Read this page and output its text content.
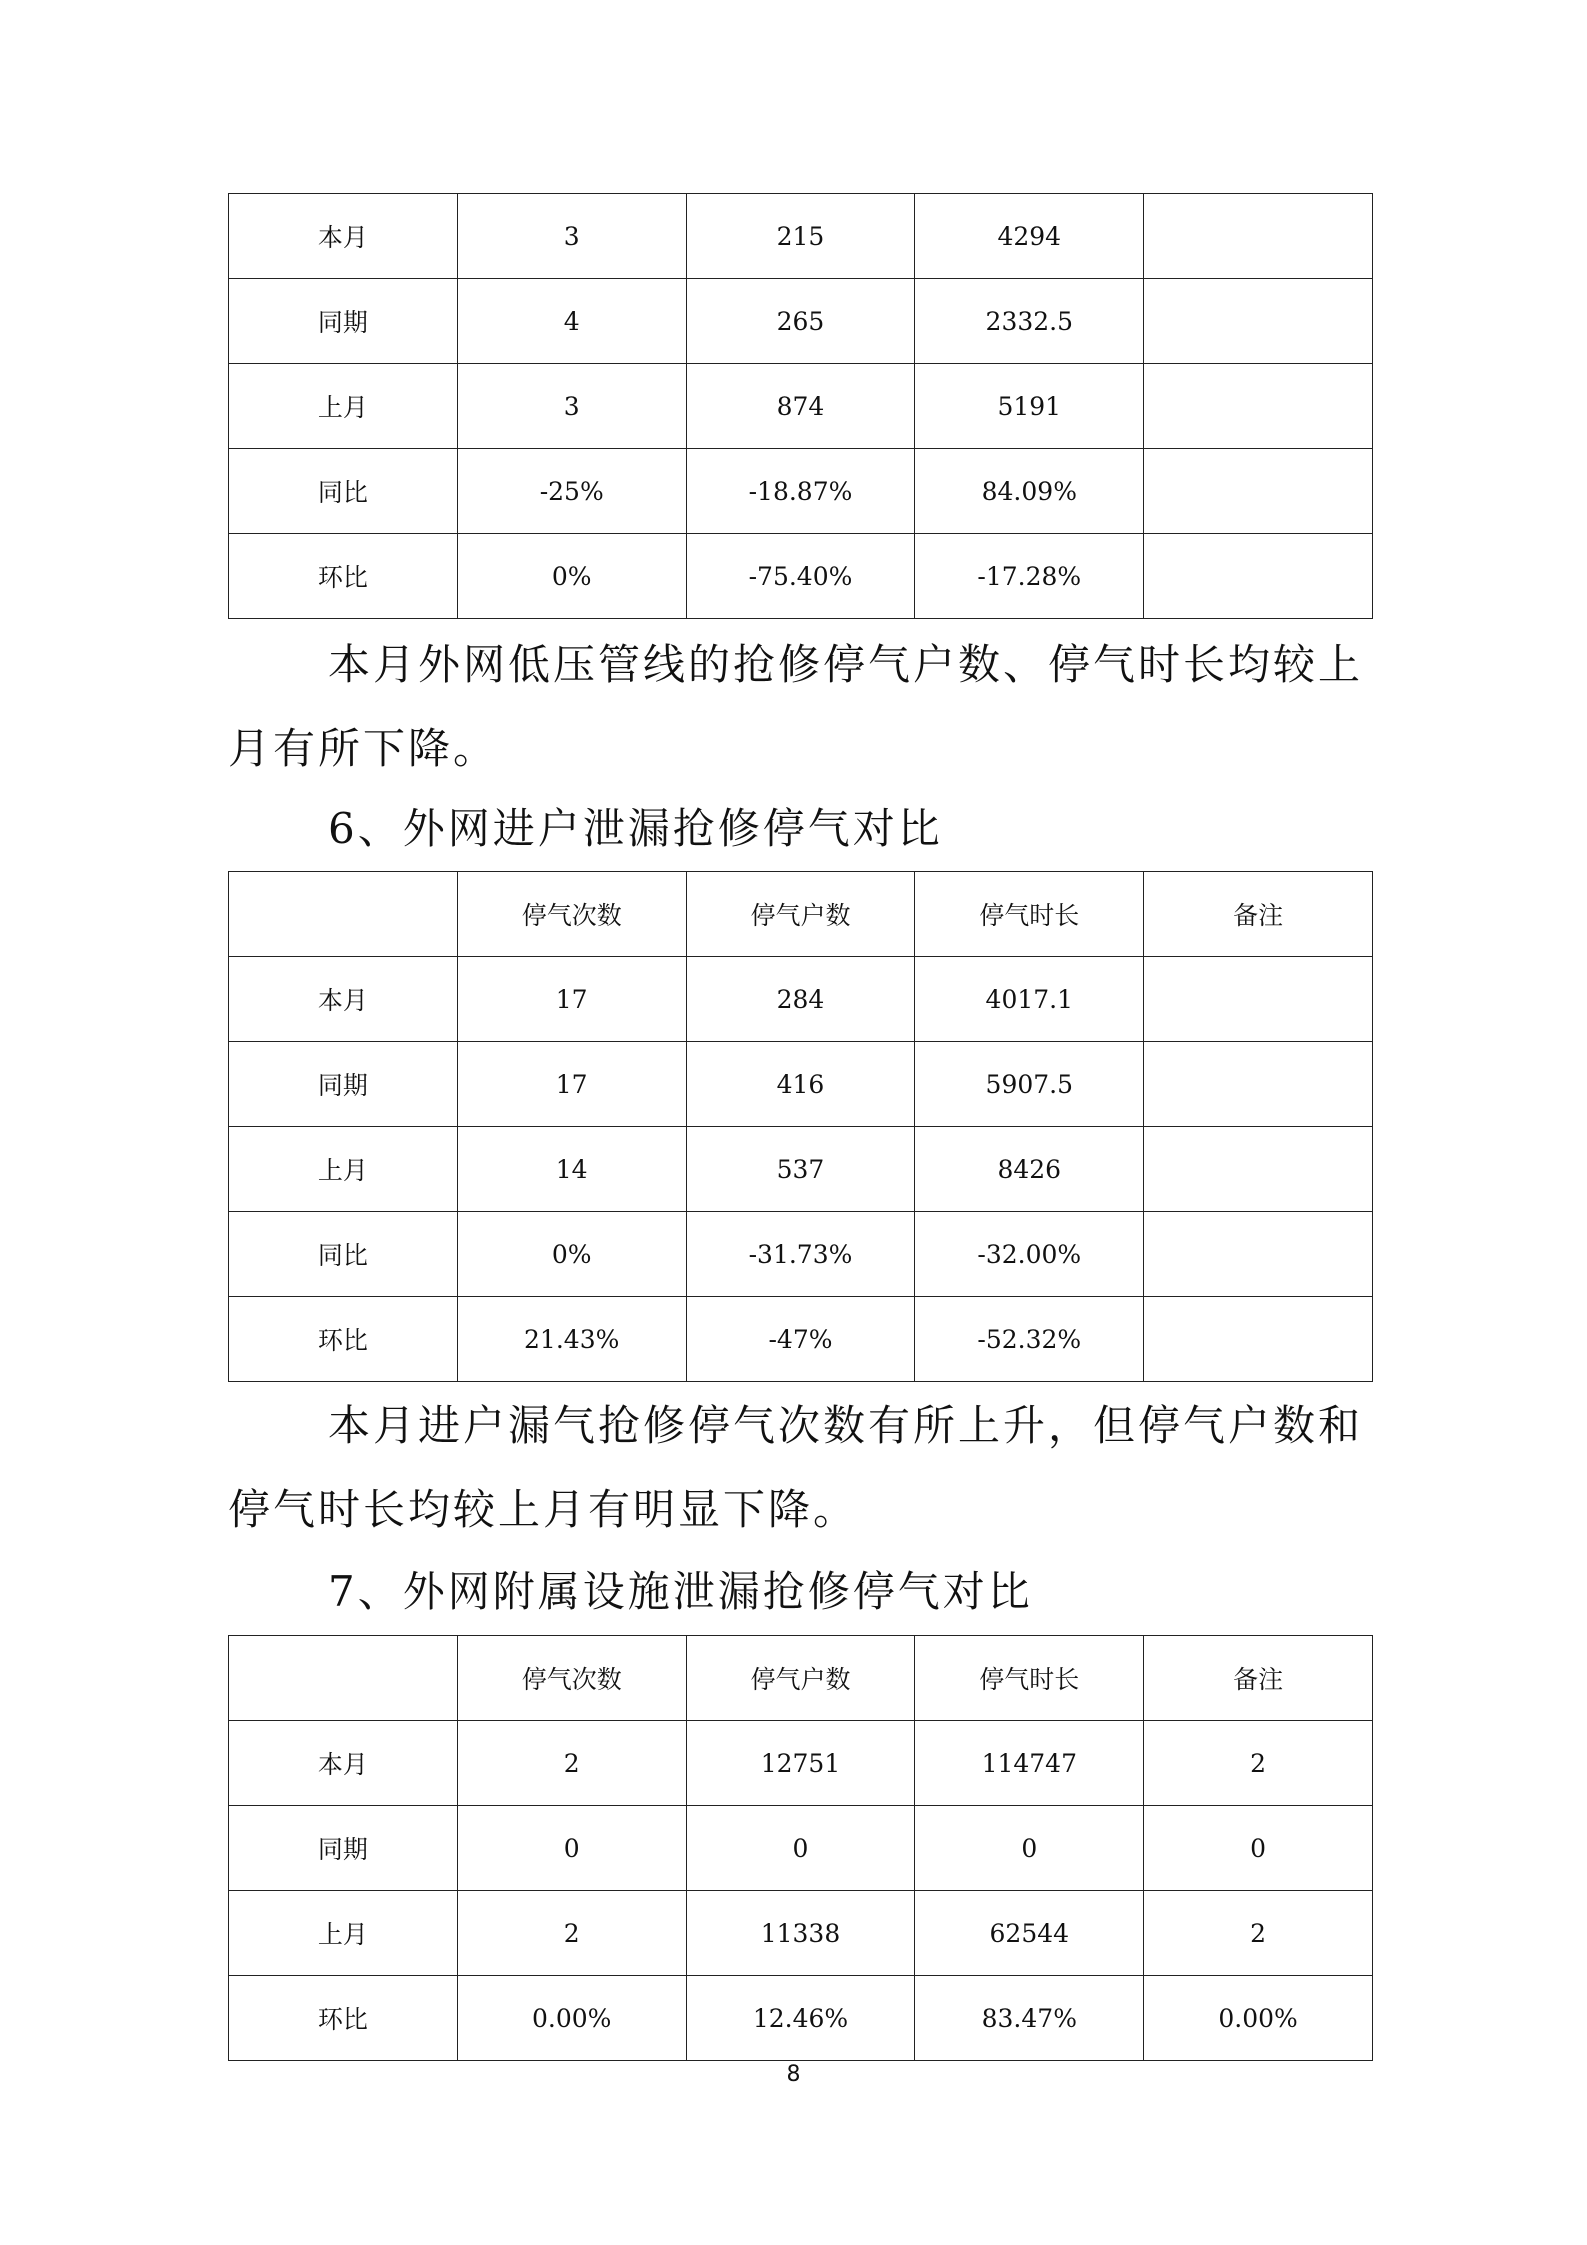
本月	3	215	4294	
同期	4	265	2332.5	
上月	3	874	5191	
同比	-25%	-18.87%	84.09%	
环比	0%	-75.40%	-17.28%	

本月外网低压管线的抢修停气户数、停气时长均较上月有所下降。

6、外网进户泄漏抢修停气对比
	停气次数	停气户数	停气时长	备注
本月	17	284	4017.1	
同期	17	416	5907.5	
上月	14	537	8426	
同比	0%	-31.73%	-32.00%	
环比	21.43%	-47%	-52.32%	

本月进户漏气抢修停气次数有所上升，但停气户数和停气时长均较上月有明显下降。

7、外网附属设施泄漏抢修停气对比
	停气次数	停气户数	停气时长	备注
本月	2	12751	114747	2
同期	0	0	0	0
上月	2	11338	62544	2
环比	0.00%	12.46%	83.47%	0.00%
8
